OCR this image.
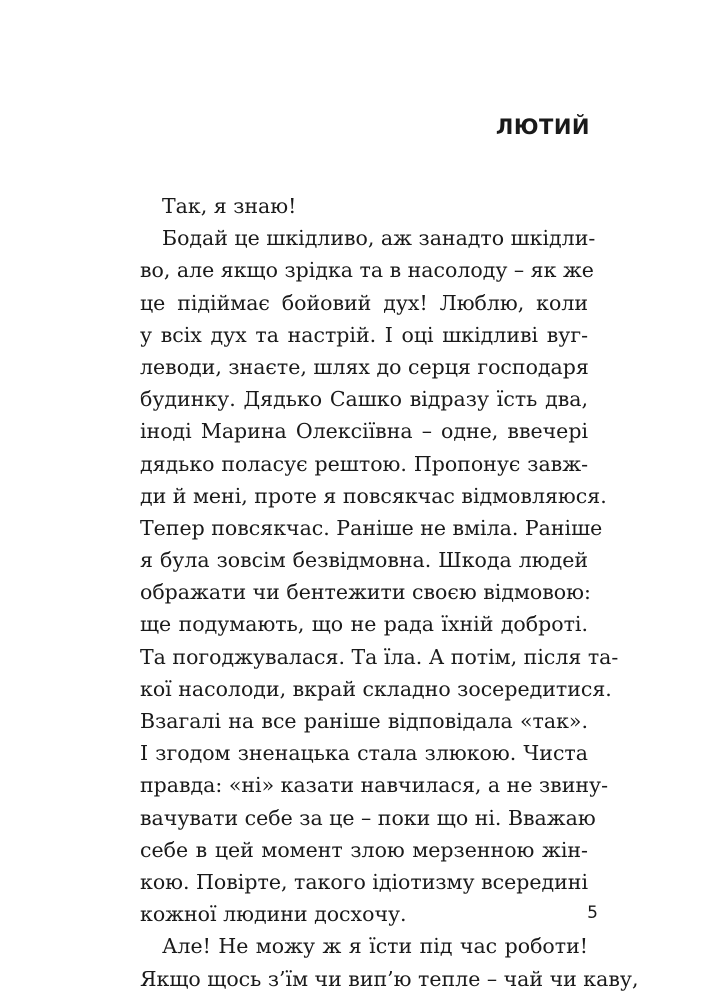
ЛЮТИЙ
Так, я знаю!
Бодай це шкідливо, аж занадто шкідли-
во, але якщо зрідка та в насолоду – як же
це підіймає бойовий дух! Люблю, коли
у всіх дух та настрій. І оці шкідливі вуг-
леводи, знаєте, шлях до серця господаря
будинку. Дядько Сашко відразу їсть два,
іноді Марина Олексіївна – одне, ввечері
дядько поласує рештою. Пропонує завж-
ди й мені, проте я повсякчас відмовляюся.
Тепер повсякчас. Раніше не вміла. Раніше
я була зовсім безвідмовна. Шкода людей
ображати чи бентежити своєю відмовою:
ще подумають, що не рада їхній доброті.
Та погоджувалася. Та їла. А потім, після та-
кої насолоди, вкрай складно зосередитися.
Взагалі на все раніше відповідала «так».
І згодом зненацька стала злюкою. Чиста
правда: «ні» казати навчилася, а не звину-
вачувати себе за це – поки що ні. Вважаю
себе в цей момент злою мерзенною жін-
кою. Повірте, такого ідіотизму всередині
кожної людини досхочу.
Але! Не можу ж я їсти під час роботи!
Якщо щось з’їм чи вип’ю тепле – чай чи каву,
5
